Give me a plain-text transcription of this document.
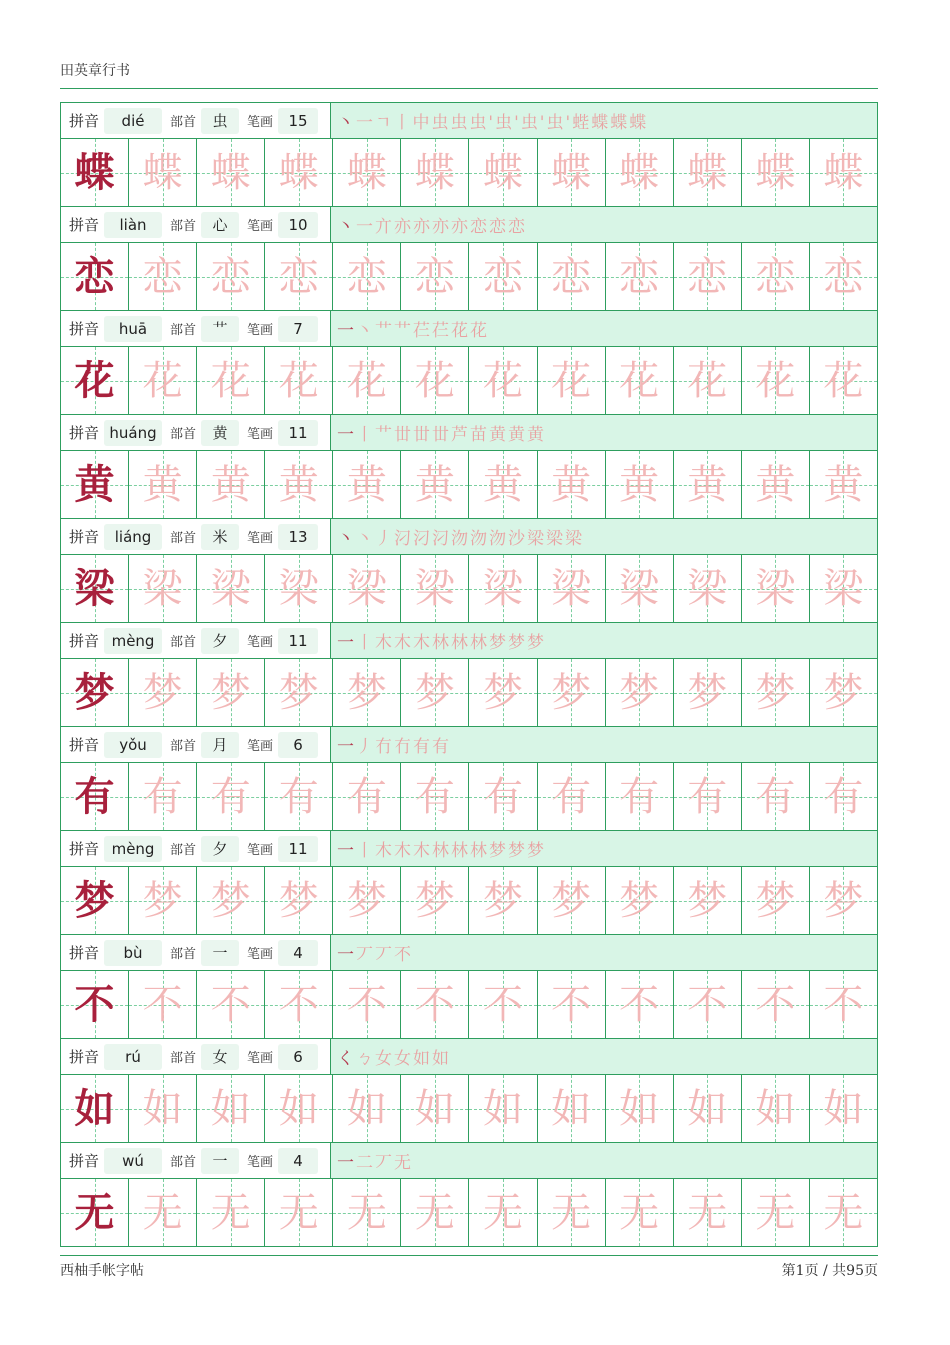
田英章行书
拼音	dié	部首	虫	笔画	15	丶一ㄱ丨中虫虫虫'虫'虫'虫'蜌蝶蝶蝶
蝶 蝶 蝶 蝶 蝶 蝶 蝶 蝶 蝶 蝶 蝶 蝶
拼音	liàn	部首	心	笔画	10	丶一亣亦亦亦亦恋恋恋
恋 恋 恋 恋 恋 恋 恋 恋 恋 恋 恋 恋
拼音	huā	部首	艹	笔画	7	一丶艹艹芢芢花花
花 花 花 花 花 花 花 花 花 花 花 花
拼音 huáng	部首	黄	笔画	11	一丨艹丗丗丗芦苗黄黄黄
黄 黄 黄 黄 黄 黄 黄 黄 黄 黄 黄 黄
拼音	liáng	部首	米	笔画	13	丶丶丿汈汈汈沕沕沕沙梁梁梁
梁 梁 梁 梁 梁 梁 梁 梁 梁 梁 梁 梁
拼音 mèng	部首	夕	笔画	11	一丨木木木林林林梦梦梦
梦 梦 梦 梦 梦 梦 梦 梦 梦 梦 梦 梦
拼音	yǒu	部首	月	笔画	6	一丿冇冇有有
有 有 有 有 有 有 有 有 有 有 有 有
拼音 mèng	部首	夕	笔画	11	一丨木木木林林林梦梦梦
梦 梦 梦 梦 梦 梦 梦 梦 梦 梦 梦 梦
拼音	bù	部首	一	笔画	4	一丆丆不
不 不 不 不 不 不 不 不 不 不 不 不
拼音	rú	部首	女	笔画	6	くㄅ女女如如
如 如 如 如 如 如 如 如 如 如 如 如
拼音	wú	部首	一	笔画	4	一二丆无
无 无 无 无 无 无 无 无 无 无 无 无
西柚手帐字帖	第1页 / 共95页
